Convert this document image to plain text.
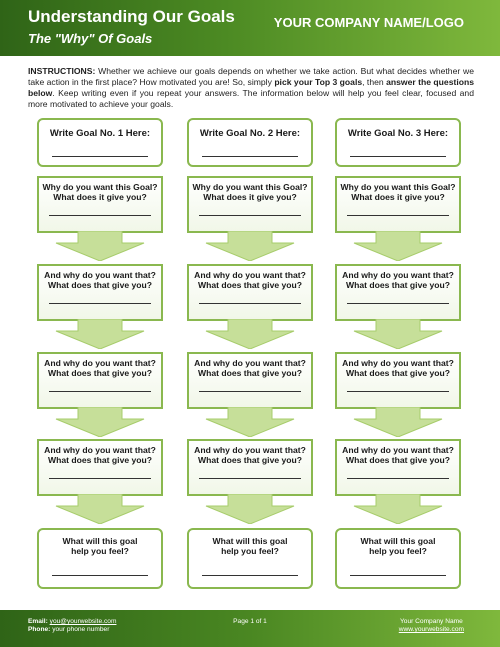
Understanding Our Goals
The "Why" Of Goals
YOUR COMPANY NAME/LOGO
INSTRUCTIONS: Whether we achieve our goals depends on whether we take action. But what decides whether we take action in the first place? How motivated you are! So, simply pick your Top 3 goals, then answer the questions below. Keep writing even if you repeat your answers. The information below will help you feel clear, focused and more motivated to achieve your goals.
Write Goal No. 1 Here:
Why do you want this Goal?
What does it give you?
And why do you want that?
What does that give you?
And why do you want that?
What does that give you?
And why do you want that?
What does that give you?
What will this goal
help you feel?
Write Goal No. 2 Here:
Why do you want this Goal?
What does it give you?
And why do you want that?
What does that give you?
And why do you want that?
What does that give you?
And why do you want that?
What does that give you?
What will this goal
help you feel?
Write Goal No. 3 Here:
Why do you want this Goal?
What does it give you?
And why do you want that?
What does that give you?
And why do you want that?
What does that give you?
And why do you want that?
What does that give you?
What will this goal
help you feel?
Email: you@yourwebsite.com
Phone: your phone number
Page 1 of 1	Your Company Name
www.yourwebsite.com
